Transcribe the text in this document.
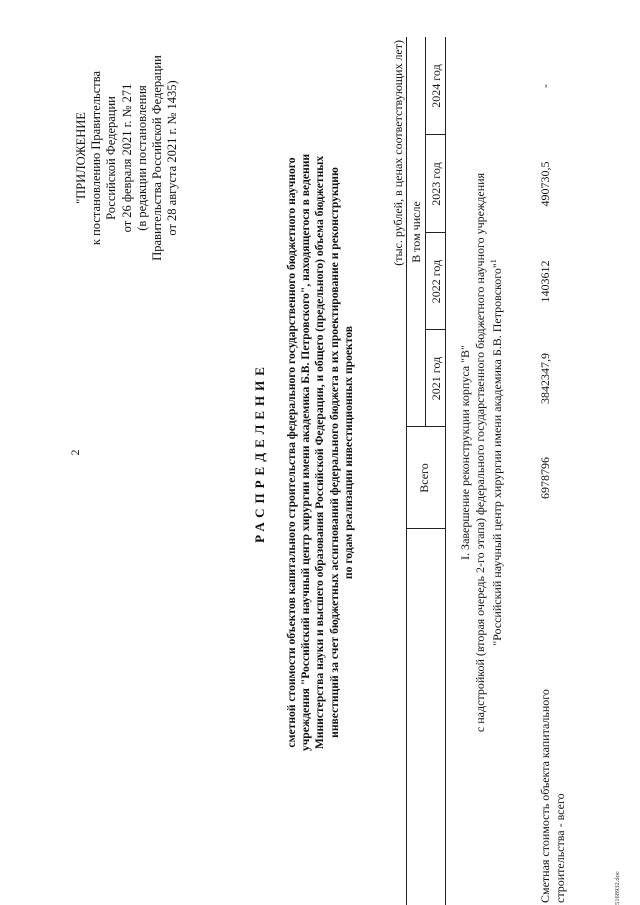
2
"ПРИЛОЖЕНИЕ к постановлению Правительства Российской Федерации от 26 февраля 2021 г. № 271 (в редакции постановления Правительства Российской Федерации от 28 августа 2021 г. № 1435)
РАСПРЕДЕЛЕНИЕ сметной стоимости объектов капитального строительства федерального государственного бюджетного научного учреждения "Российский научный центр хирургии имени академика Б.В. Петровского", находящегося в ведении Министерства науки и высшего образования Российской Федерации, и общего (предельного) объема бюджетных инвестиций за счет бюджетных ассигнований федерального бюджета в их проектирование и реконструкцию по годам реализации инвестиционных проектов
(тыс. рублей, в ценах соответствующих лет)
Всего
В том числе
2021 год
2022 год
2023 год
2024 год
I. Завершение реконструкции корпуса "В" с надстройкой (вторая очередь 2-го этапа) федерального государственного бюджетного научного учреждения "Российский научный центр хирургии имени академика Б.В. Петровского"$^1$
Сметная стоимость объекта капитального строительства - всего
6978796
3842347,9
1403612
490730,5
-
5168932.doc
